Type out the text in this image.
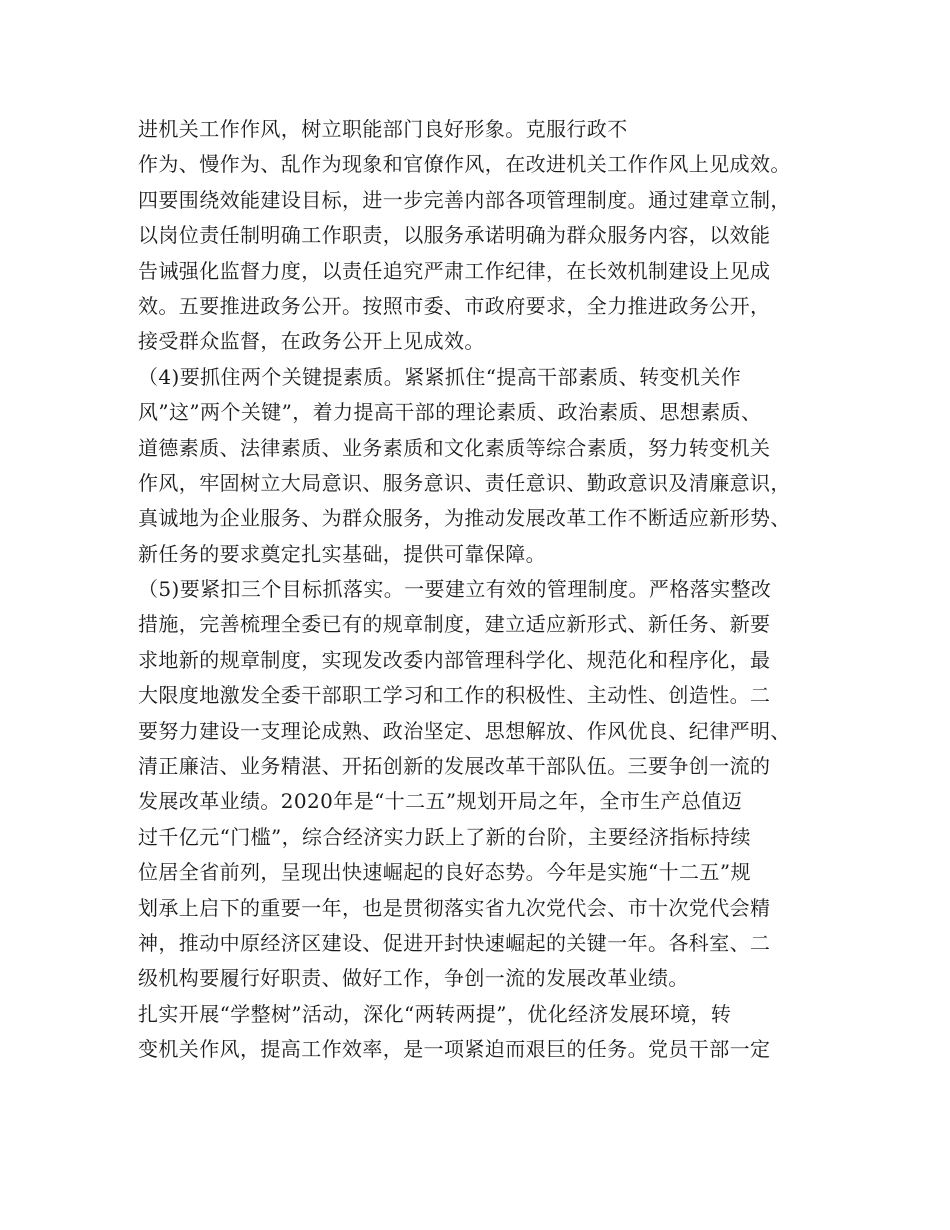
进机关工作作风，树立职能部门良好形象。克服行政不
作为、慢作为、乱作为现象和官僚作风，在改进机关工作作风上见成效。
四要围绕效能建设目标，进一步完善内部各项管理制度。通过建章立制，
以岗位责任制明确工作职责，以服务承诺明确为群众服务内容，以效能
告诫强化监督力度，以责任追究严肃工作纪律，在长效机制建设上见成
效。五要推进政务公开。按照市委、市政府要求，全力推进政务公开，
接受群众监督，在政务公开上见成效。
（4)要抓住两个关键提素质。紧紧抓住“提高干部素质、转变机关作
风”这”两个关键”，着力提高干部的理论素质、政治素质、思想素质、
道德素质、法律素质、业务素质和文化素质等综合素质，努力转变机关
作风，牢固树立大局意识、服务意识、责任意识、勤政意识及清廉意识，
真诚地为企业服务、为群众服务，为推动发展改革工作不断适应新形势、
新任务的要求奠定扎实基础，提供可靠保障。
（5)要紧扣三个目标抓落实。一要建立有效的管理制度。严格落实整改
措施，完善梳理全委已有的规章制度，建立适应新形式、新任务、新要
求地新的规章制度，实现发改委内部管理科学化、规范化和程序化，最
大限度地激发全委干部职工学习和工作的积极性、主动性、创造性。二
要努力建设一支理论成熟、政治坚定、思想解放、作风优良、纪律严明、
清正廉洁、业务精湛、开拓创新的发展改革干部队伍。三要争创一流的
发展改革业绩。2020年是“十二五”规划开局之年，全市生产总值迈
过千亿元“门槛”，综合经济实力跃上了新的台阶，主要经济指标持续
位居全省前列，呈现出快速崛起的良好态势。今年是实施“十二五”规
划承上启下的重要一年，也是贯彻落实省九次党代会、市十次党代会精
神，推动中原经济区建设、促进开封快速崛起的关键一年。各科室、二
级机构要履行好职责、做好工作，争创一流的发展改革业绩。
扎实开展“学整树”活动，深化“两转两提”，优化经济发展环境，转
变机关作风，提高工作效率，是一项紧迫而艰巨的任务。党员干部一定
